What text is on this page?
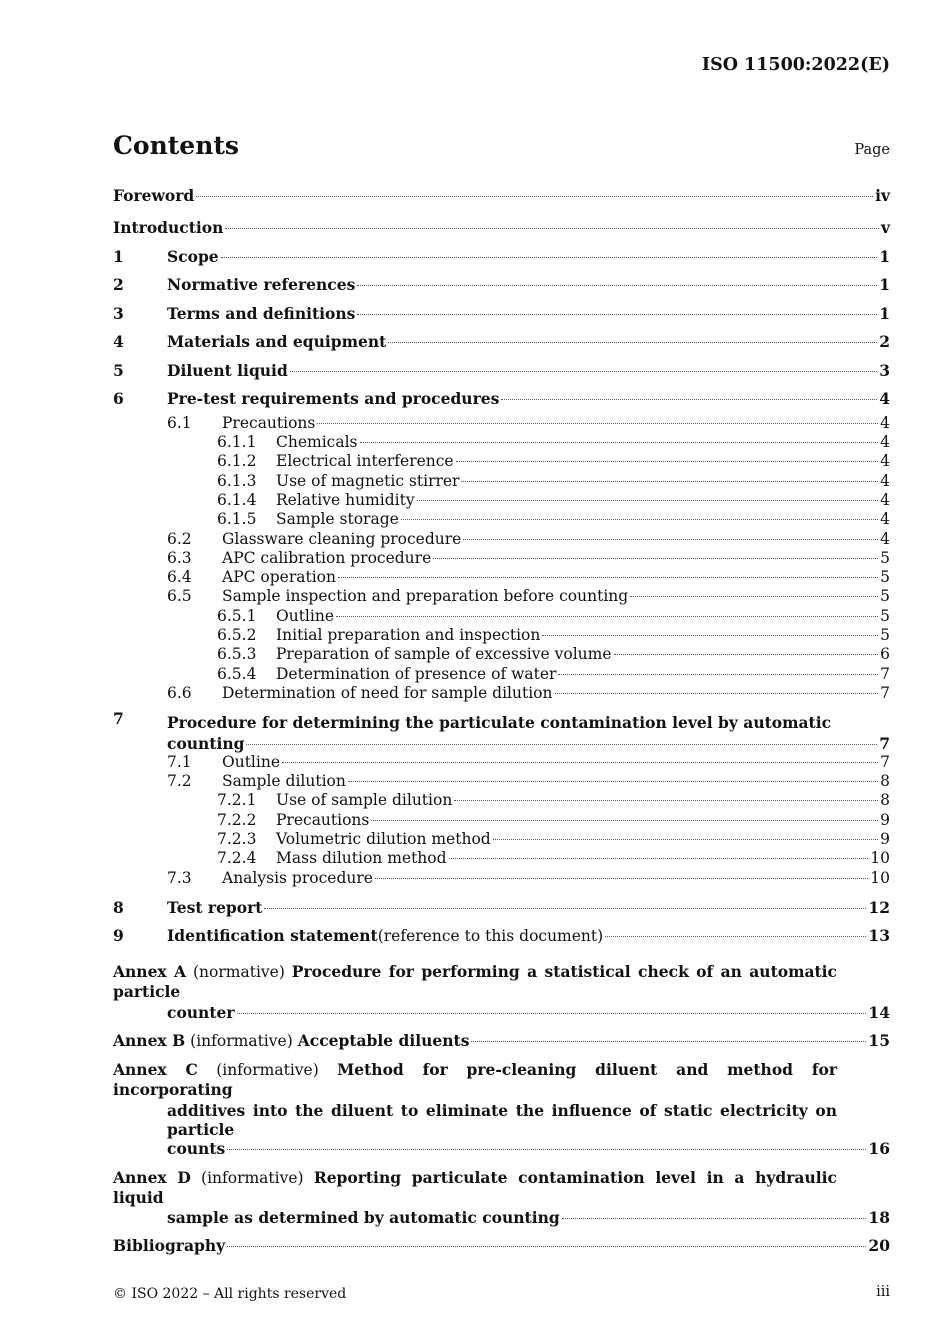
ISO 11500:2022(E)
Contents	Page
Foreword	iv
Introduction	v
1	Scope	1
2	Normative references	1
3	Terms and definitions	1
4	Materials and equipment	2
5	Diluent liquid	3
6	Pre-test requirements and procedures	4
6.1 Precautions	4
6.1.1 Chemicals	4
6.1.2 Electrical interference	4
6.1.3 Use of magnetic stirrer	4
6.1.4 Relative humidity	4
6.1.5 Sample storage	4
6.2 Glassware cleaning procedure	4
6.3 APC calibration procedure	5
6.4 APC operation	5
6.5 Sample inspection and preparation before counting	5
6.5.1 Outline	5
6.5.2 Initial preparation and inspection	5
6.5.3 Preparation of sample of excessive volume	6
6.5.4 Determination of presence of water	7
6.6 Determination of need for sample dilution	7
7	Procedure for determining the particulate contamination level by automatic
counting	7
7.1 Outline	7
7.2 Sample dilution	8
7.2.1 Use of sample dilution	8
7.2.2 Precautions	9
7.2.3 Volumetric dilution method	9
7.2.4 Mass dilution method	10
7.3 Analysis procedure	10
8	Test report	12
9	Identification statement (reference to this document)	13
Annex A (normative) Procedure for performing a statistical check of an automatic particle
counter	14
Annex B (informative) Acceptable diluents	15
Annex C (informative) Method for pre-cleaning diluent and method for incorporating
additives into the diluent to eliminate the influence of static electricity on particle
counts	16
Annex D (informative) Reporting particulate contamination level in a hydraulic liquid
sample as determined by automatic counting	18
Bibliography	20
© ISO 2022 – All rights reserved	iii
